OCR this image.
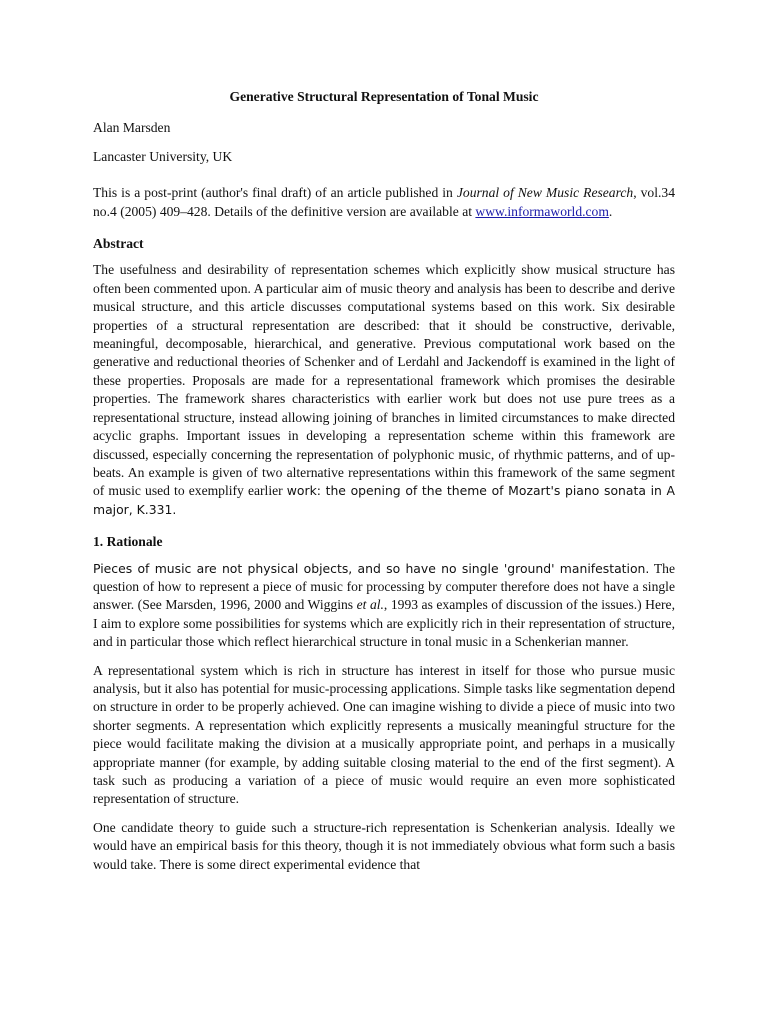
Generative Structural Representation of Tonal Music
Alan Marsden
Lancaster University, UK

This is a post-print (author's final draft) of an article published in Journal of New Music Research, vol.34 no.4 (2005) 409–428. Details of the definitive version are available at www.informaworld.com.

Abstract

The usefulness and desirability of representation schemes which explicitly show musical structure has often been commented upon. A particular aim of music theory and analysis has been to describe and derive musical structure, and this article discusses computational systems based on this work. Six desirable properties of a structural representation are described: that it should be constructive, derivable, meaningful, decomposable, hierarchical, and generative. Previous computational work based on the generative and reductional theories of Schenker and of Lerdahl and Jackendoff is examined in the light of these properties. Proposals are made for a representational framework which promises the desirable properties. The framework shares characteristics with earlier work but does not use pure trees as a representational structure, instead allowing joining of branches in limited circumstances to make directed acyclic graphs. Important issues in developing a representation scheme within this framework are discussed, especially concerning the representation of polyphonic music, of rhythmic patterns, and of up-beats. An example is given of two alternative representations within this framework of the same segment of music used to exemplify earlier work: the opening of the theme of Mozart's piano sonata in A major, K.331.

1. Rationale

Pieces of music are not physical objects, and so have no single 'ground' manifestation. The question of how to represent a piece of music for processing by computer therefore does not have a single answer. (See Marsden, 1996, 2000 and Wiggins et al., 1993 as examples of discussion of the issues.) Here, I aim to explore some possibilities for systems which are explicitly rich in their representation of structure, and in particular those which reflect hierarchical structure in tonal music in a Schenkerian manner.

A representational system which is rich in structure has interest in itself for those who pursue music analysis, but it also has potential for music-processing applications. Simple tasks like segmentation depend on structure in order to be properly achieved. One can imagine wishing to divide a piece of music into two shorter segments. A representation which explicitly represents a musically meaningful structure for the piece would facilitate making the division at a musically appropriate point, and perhaps in a musically appropriate manner (for example, by adding suitable closing material to the end of the first segment). A task such as producing a variation of a piece of music would require an even more sophisticated representation of structure.

One candidate theory to guide such a structure-rich representation is Schenkerian analysis. Ideally we would have an empirical basis for this theory, though it is not immediately obvious what form such a basis would take. There is some direct experimental evidence that
